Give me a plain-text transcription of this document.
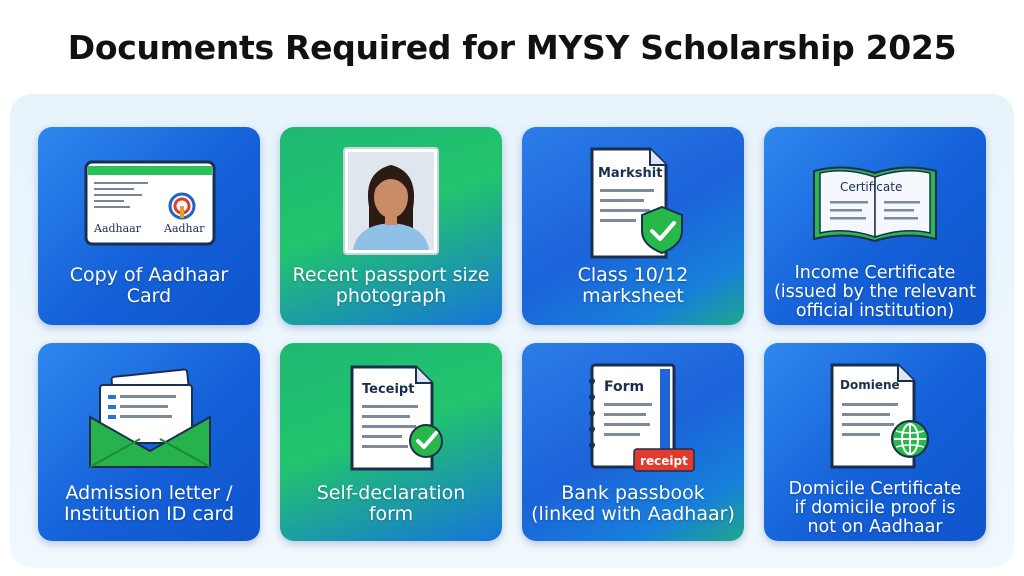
Documents Required for MYSY Scholarship 2025
Aadhaar Aadhar
Copy of Aadhaar
Card
Recent passport size
photograph
Markshit
Class 10/12
marksheet
Certificate
Income Certificate
(issued by the relevant
official institution)
Admission letter /
Institution ID card
Teceipt
Self-declaration
form
Form
receipt
Bank passbook
(linked with Aadhaar)
Domiene
Domicile Certificate
if domicile proof is
not on Aadhaar
